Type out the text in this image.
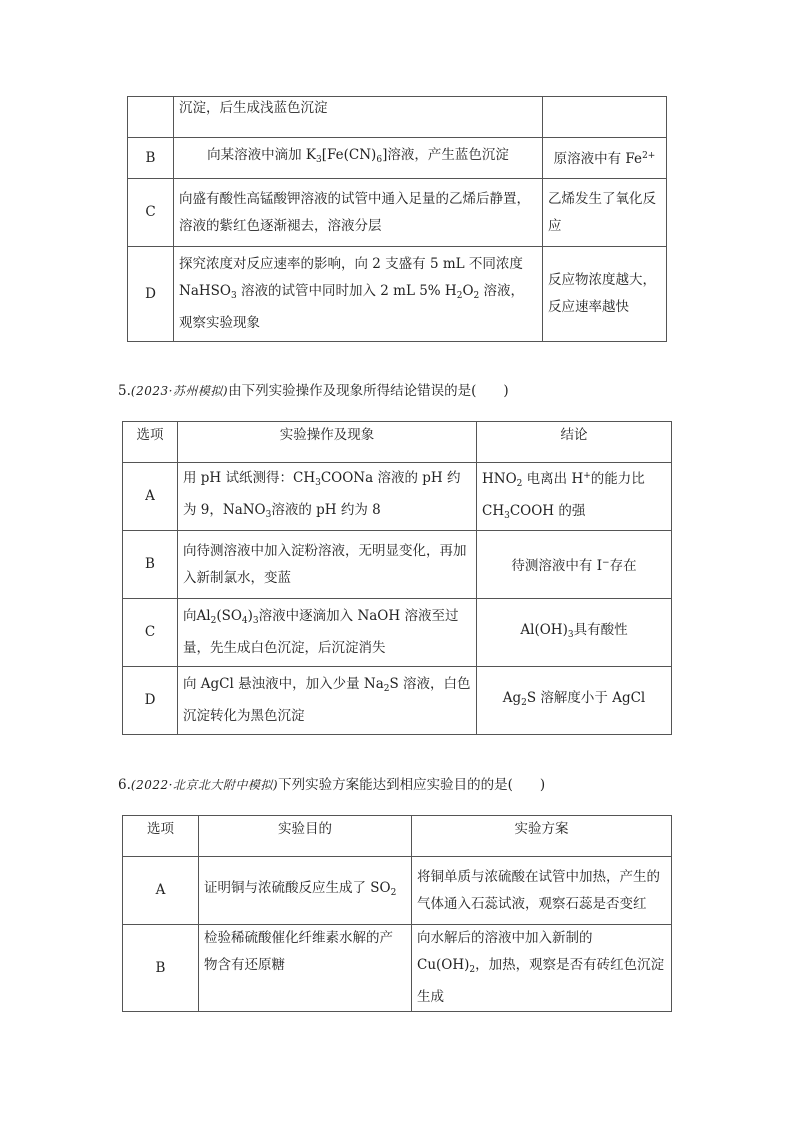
	沉淀，后生成浅蓝色沉淀	
B	向某溶液中滴加 $K_3[Fe(CN)_6]$溶液，产生蓝色沉淀	原溶液中有 $Fe^{2+}$
C	向盛有酸性高锰酸钾溶液的试管中通入足量的乙烯后静置，溶液的紫红色逐渐褪去，溶液分层	乙烯发生了氧化反应
D	探究浓度对反应速率的影响，向 2 支盛有 5 mL 不同浓度 NaHSO$_3$ 溶液的试管中同时加入 2 mL 5% $H_2O_2$ 溶液，观察实验现象	反应物浓度越大，反应速率越快
5.(2023·苏州模拟)由下列实验操作及现象所得结论错误的是(　　)
选项	实验操作及现象	结论
A	用 pH 试纸测得：$CH_3COONa$ 溶液的 pH 约为 9，NaNO$_3$溶液的 pH 约为 8	$HNO_2$ 电离出 H+的能力比 $CH_3COOH$ 的强
B	向待测溶液中加入淀粉溶液，无明显变化，再加入新制氯水，变蓝	待测溶液中有 I−存在
C	向$Al_2(SO_4)_3$溶液中逐滴加入 NaOH 溶液至过量，先生成白色沉淀，后沉淀消失	$Al(OH)_3$具有酸性
D	向 AgCl 悬浊液中，加入少量 $Na_2S$ 溶液，白色沉淀转化为黑色沉淀	$Ag_2S$ 溶解度小于 AgCl
6.(2022·北京北大附中模拟)下列实验方案能达到相应实验目的的是(　　)
选项	实验目的	实验方案
A	证明铜与浓硫酸反应生成了 $SO_2$	将铜单质与浓硫酸在试管中加热，产生的气体通入石蕊试液，观察石蕊是否变红
B	检验稀硫酸催化纤维素水解的产物含有还原糖	向水解后的溶液中加入新制的 $Cu(OH)_2$，加热，观察是否有砖红色沉淀生成
